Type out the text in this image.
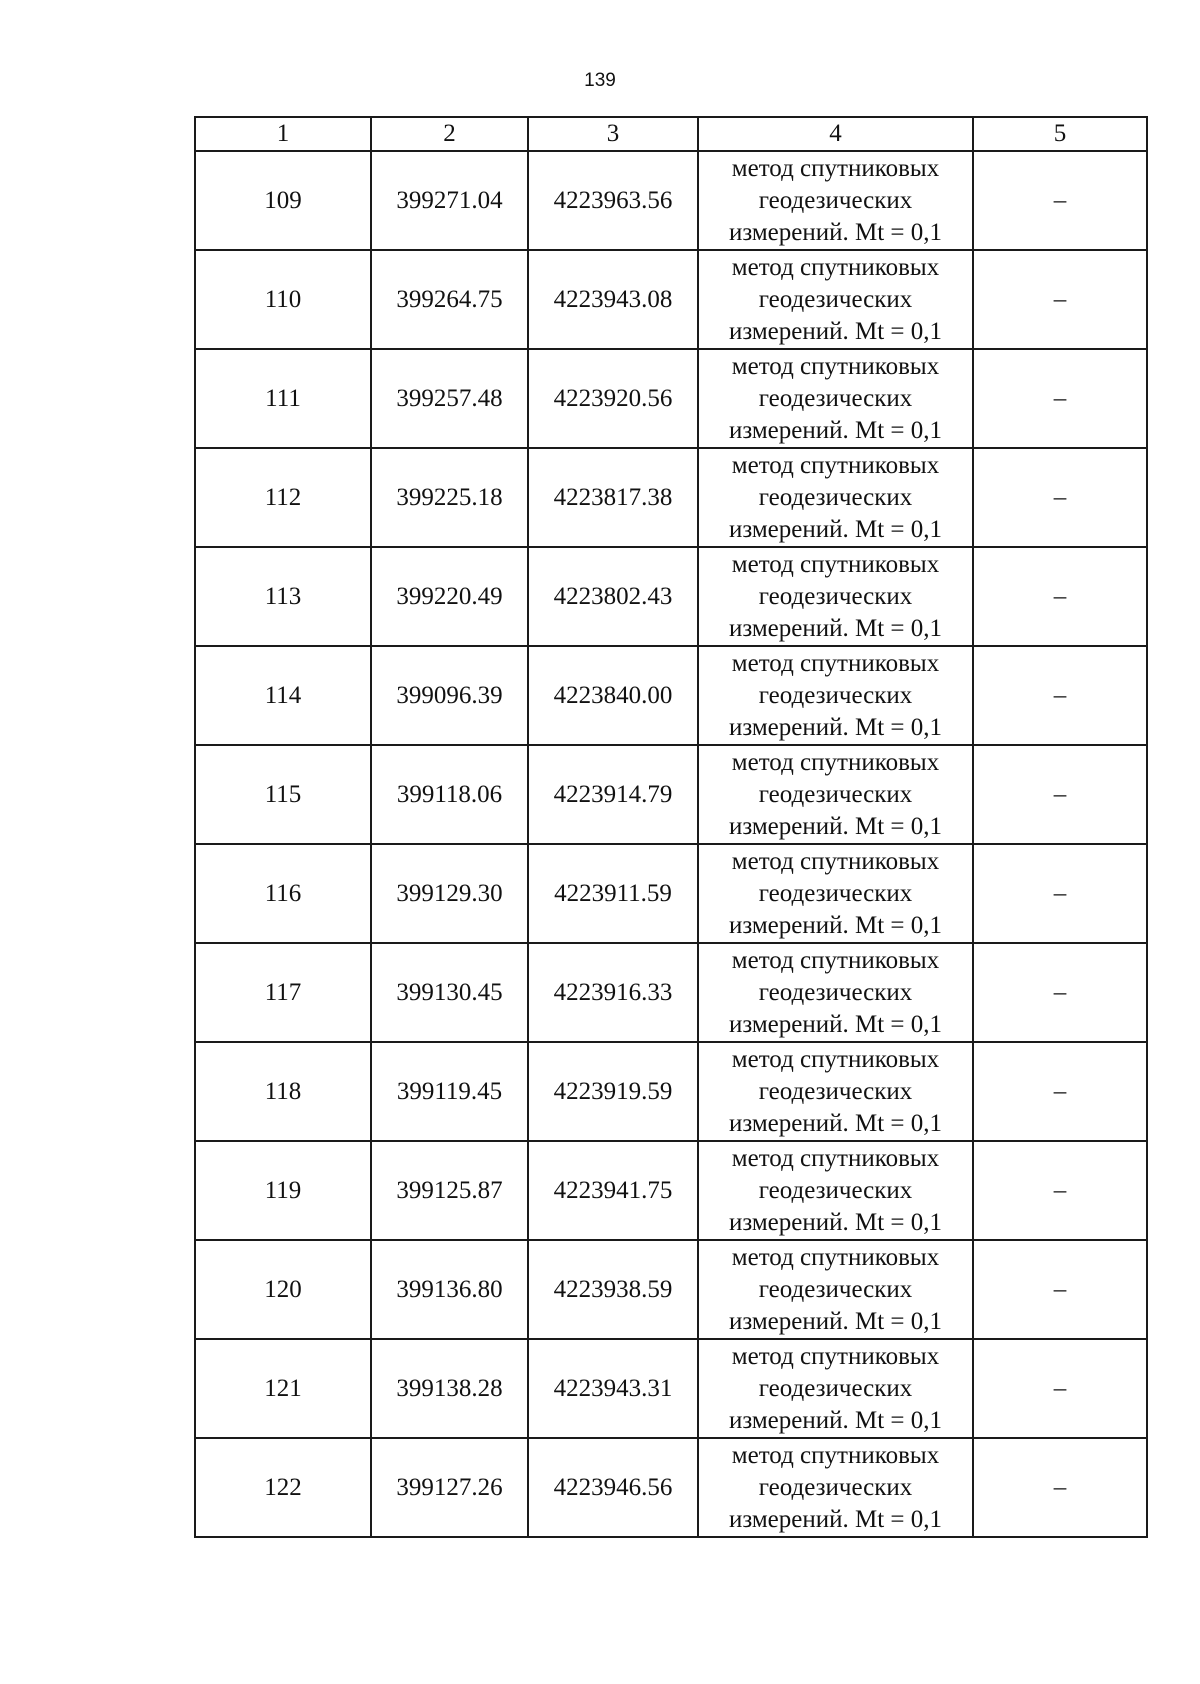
139
1	2	3	4	5
109	399271.04	4223963.56	метод спутниковых
геодезических
измерений. Mt = 0,1	–
110	399264.75	4223943.08	метод спутниковых
геодезических
измерений. Mt = 0,1	–
111	399257.48	4223920.56	метод спутниковых
геодезических
измерений. Mt = 0,1	–
112	399225.18	4223817.38	метод спутниковых
геодезических
измерений. Mt = 0,1	–
113	399220.49	4223802.43	метод спутниковых
геодезических
измерений. Mt = 0,1	–
114	399096.39	4223840.00	метод спутниковых
геодезических
измерений. Mt = 0,1	–
115	399118.06	4223914.79	метод спутниковых
геодезических
измерений. Mt = 0,1	–
116	399129.30	4223911.59	метод спутниковых
геодезических
измерений. Mt = 0,1	–
117	399130.45	4223916.33	метод спутниковых
геодезических
измерений. Mt = 0,1	–
118	399119.45	4223919.59	метод спутниковых
геодезических
измерений. Mt = 0,1	–
119	399125.87	4223941.75	метод спутниковых
геодезических
измерений. Mt = 0,1	–
120	399136.80	4223938.59	метод спутниковых
геодезических
измерений. Mt = 0,1	–
121	399138.28	4223943.31	метод спутниковых
геодезических
измерений. Mt = 0,1	–
122	399127.26	4223946.56	метод спутниковых
геодезических
измерений. Mt = 0,1	–
